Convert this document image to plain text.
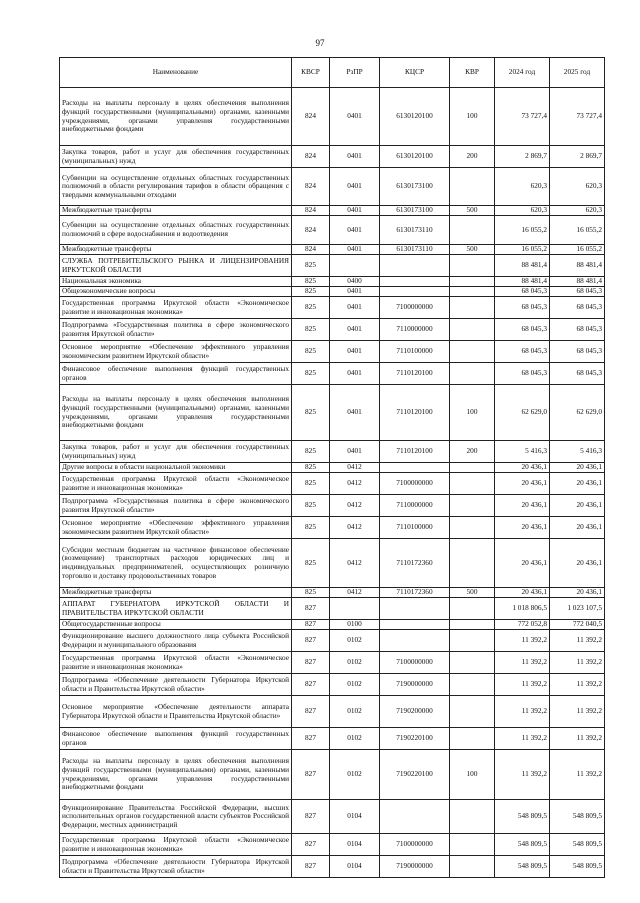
97
Наименование	КВСР	РзПР	КЦСР	КВР	2024 год	2025 год
Расходы на выплаты персоналу в целях обеспечения выполнения функций государственными (муниципальными) органами, казенными учреждениями, органами управления государственными внебюджетными фондами	824	0401	6130120100	100	73 727,4	73 727,4
Закупка товаров, работ и услуг для обеспечения государственных (муниципальных) нужд	824	0401	6130120100	200	2 869,7	2 869,7
Субвенции на осуществление отдельных областных государственных полномочий в области регулирования тарифов в области обращения с твердыми коммунальными отходами	824	0401	6130173100		620,3	620,3
Межбюджетные трансферты	824	0401	6130173100	500	620,3	620,3
Субвенции на осуществление отдельных областных государственных полномочий в сфере водоснабжения и водоотведения	824	0401	6130173110		16 055,2	16 055,2
Межбюджетные трансферты	824	0401	6130173110	500	16 055,2	16 055,2
СЛУЖБА ПОТРЕБИТЕЛЬСКОГО РЫНКА И ЛИЦЕНЗИРОВАНИЯ ИРКУТСКОЙ ОБЛАСТИ	825				88 481,4	88 481,4
Национальная экономика	825	0400			88 481,4	88 481,4
Общеэкономические вопросы	825	0401			68 045,3	68 045,3
Государственная программа Иркутской области «Экономическое развитие и инновационная экономика»	825	0401	7100000000		68 045,3	68 045,3
Подпрограмма «Государственная политика в сфере экономического развития Иркутской области»	825	0401	7110000000		68 045,3	68 045,3
Основное мероприятие «Обеспечение эффективного управления экономическим развитием Иркутской области»	825	0401	7110100000		68 045,3	68 045,3
Финансовое обеспечение выполнения функций государственных органов	825	0401	7110120100		68 045,3	68 045,3
Расходы на выплаты персоналу в целях обеспечения выполнения функций государственными (муниципальными) органами, казенными учреждениями, органами управления государственными внебюджетными фондами	825	0401	7110120100	100	62 629,0	62 629,0
Закупка товаров, работ и услуг для обеспечения государственных (муниципальных) нужд	825	0401	7110120100	200	5 416,3	5 416,3
Другие вопросы в области национальной экономики	825	0412			20 436,1	20 436,1
Государственная программа Иркутской области «Экономическое развитие и инновационная экономика»	825	0412	7100000000		20 436,1	20 436,1
Подпрограмма «Государственная политика в сфере экономического развития Иркутской области»	825	0412	7110000000		20 436,1	20 436,1
Основное мероприятие «Обеспечение эффективного управления экономическим развитием Иркутской области»	825	0412	7110100000		20 436,1	20 436,1
Субсидии местным бюджетам на частичное финансовое обеспечение (возмещение) транспортных расходов юридических лиц и индивидуальных предпринимателей, осуществляющих розничную торговлю и доставку продовольственных товаров	825	0412	7110172360		20 436,1	20 436,1
Межбюджетные трансферты	825	0412	7110172360	500	20 436,1	20 436,1
АППАРАТ ГУБЕРНАТОРА ИРКУТСКОЙ ОБЛАСТИ И ПРАВИТЕЛЬСТВА ИРКУТСКОЙ ОБЛАСТИ	827				1 018 806,5	1 023 107,5
Общегосударственные вопросы	827	0100			772 052,8	772 040,5
Функционирование высшего должностного лица субъекта Российской Федерации и муниципального образования	827	0102			11 392,2	11 392,2
Государственная программа Иркутской области «Экономическое развитие и инновационная экономика»	827	0102	7100000000		11 392,2	11 392,2
Подпрограмма «Обеспечение деятельности Губернатора Иркутской области и Правительства Иркутской области»	827	0102	7190000000		11 392,2	11 392,2
Основное мероприятие «Обеспечение деятельности аппарата Губернатора Иркутской области и Правительства Иркутской области»	827	0102	7190200000		11 392,2	11 392,2
Финансовое обеспечение выполнения функций государственных органов	827	0102	7190220100		11 392,2	11 392,2
Расходы на выплаты персоналу в целях обеспечения выполнения функций государственными (муниципальными) органами, казенными учреждениями, органами управления государственными внебюджетными фондами	827	0102	7190220100	100	11 392,2	11 392,2
Функционирование Правительства Российской Федерации, высших исполнительных органов государственной власти субъектов Российской Федерации, местных администраций	827	0104			548 809,5	548 809,5
Государственная программа Иркутской области «Экономическое развитие и инновационная экономика»	827	0104	7100000000		548 809,5	548 809,5
Подпрограмма «Обеспечение деятельности Губернатора Иркутской области и Правительства Иркутской области»	827	0104	7190000000		548 809,5	548 809,5
